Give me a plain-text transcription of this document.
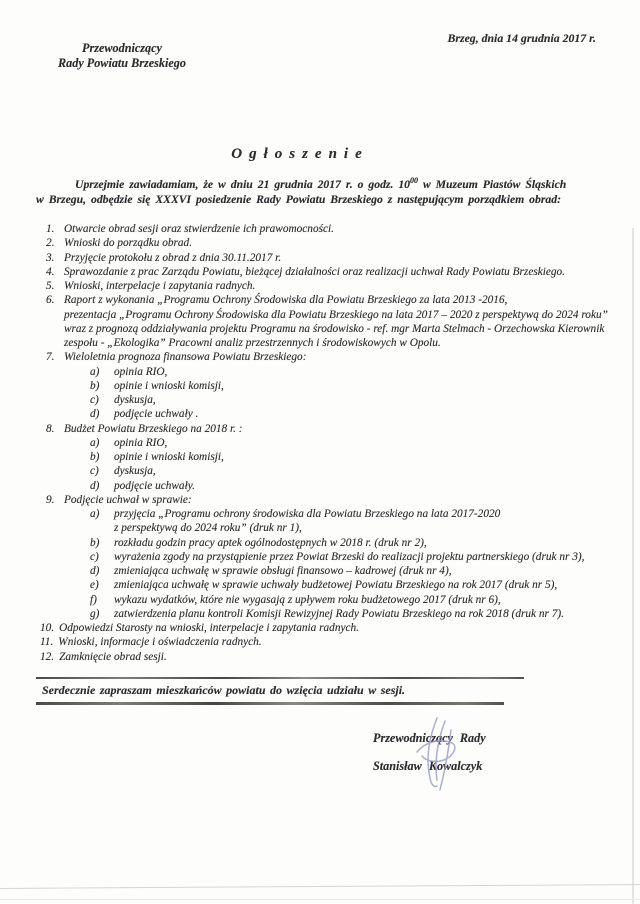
Brzeg, dnia 14 grudnia 2017 r.
Przewodniczący
Rady Powiatu Brzeskiego
Ogłoszenie
Uprzejmie zawiadamiam, że w dniu 21 grudnia 2017 r. o godz. $10^{00}$ w Muzeum Piastów Śląskich
w Brzegu, odbędzie się XXXVI posiedzenie Rady Powiatu Brzeskiego z następującym porządkiem obrad:
1. Otwarcie obrad sesji oraz stwierdzenie ich prawomocności.
2. Wnioski do porządku obrad.
3. Przyjęcie protokołu z obrad z dnia 30.11.2017 r.
4. Sprawozdanie z prac Zarządu Powiatu, bieżącej działalności oraz realizacji uchwał Rady Powiatu Brzeskiego.
5. Wnioski, interpelacje i zapytania radnych.
6. Raport z wykonania „Programu Ochrony Środowiska dla Powiatu Brzeskiego za lata 2013 -2016,
prezentacja „Programu Ochrony Środowiska dla Powiatu Brzeskiego na lata 2017 – 2020 z perspektywą do 2024 roku”
wraz z prognozą oddziaływania projektu Programu na środowisko - ref. mgr Marta Stelmach - Orzechowska Kierownik
zespołu - „Ekologika” Pracowni analiz przestrzennych i środowiskowych w Opolu.
7. Wieloletnia prognoza finansowa Powiatu Brzeskiego:
a)	opinia RIO,
b)	opinie i wnioski komisji,
c)	dyskusja,
d)	podjęcie uchwały .
8. Budżet Powiatu Brzeskiego na 2018 r. :
a)	opinia RIO,
b)	opinie i wnioski komisji,
c)	dyskusja,
d)	podjęcie uchwały.
9. Podjęcie uchwał w sprawie:
a)	przyjęcia „Programu ochrony środowiska dla Powiatu Brzeskiego na lata 2017-2020
z perspektywą do 2024 roku” (druk nr 1),
b)	rozkładu godzin pracy aptek ogólnodostępnych w 2018 r. (druk nr 2),
c)	wyrażenia zgody na przystąpienie przez Powiat Brzeski do realizacji projektu partnerskiego (druk nr 3),
d)	zmieniająca uchwałę w sprawie obsługi finansowo – kadrowej (druk nr 4),
e)	zmieniająca uchwałę w sprawie uchwały budżetowej Powiatu Brzeskiego na rok 2017 (druk nr 5),
f)	wykazu wydatków, które nie wygasają z upływem roku budżetowego 2017 (druk nr 6),
g)	zatwierdzenia planu kontroli Komisji Rewizyjnej Rady Powiatu Brzeskiego na rok 2018 (druk nr 7).
10. Odpowiedzi Starosty na wnioski, interpelacje i zapytania radnych.
11. Wnioski, informacje i oświadczenia radnych.
12. Zamknięcie obrad sesji.
Serdecznie zapraszam mieszkańców powiatu do wzięcia udziału w sesji.
Przewodniczący Rady
Stanisław Kowalczyk
